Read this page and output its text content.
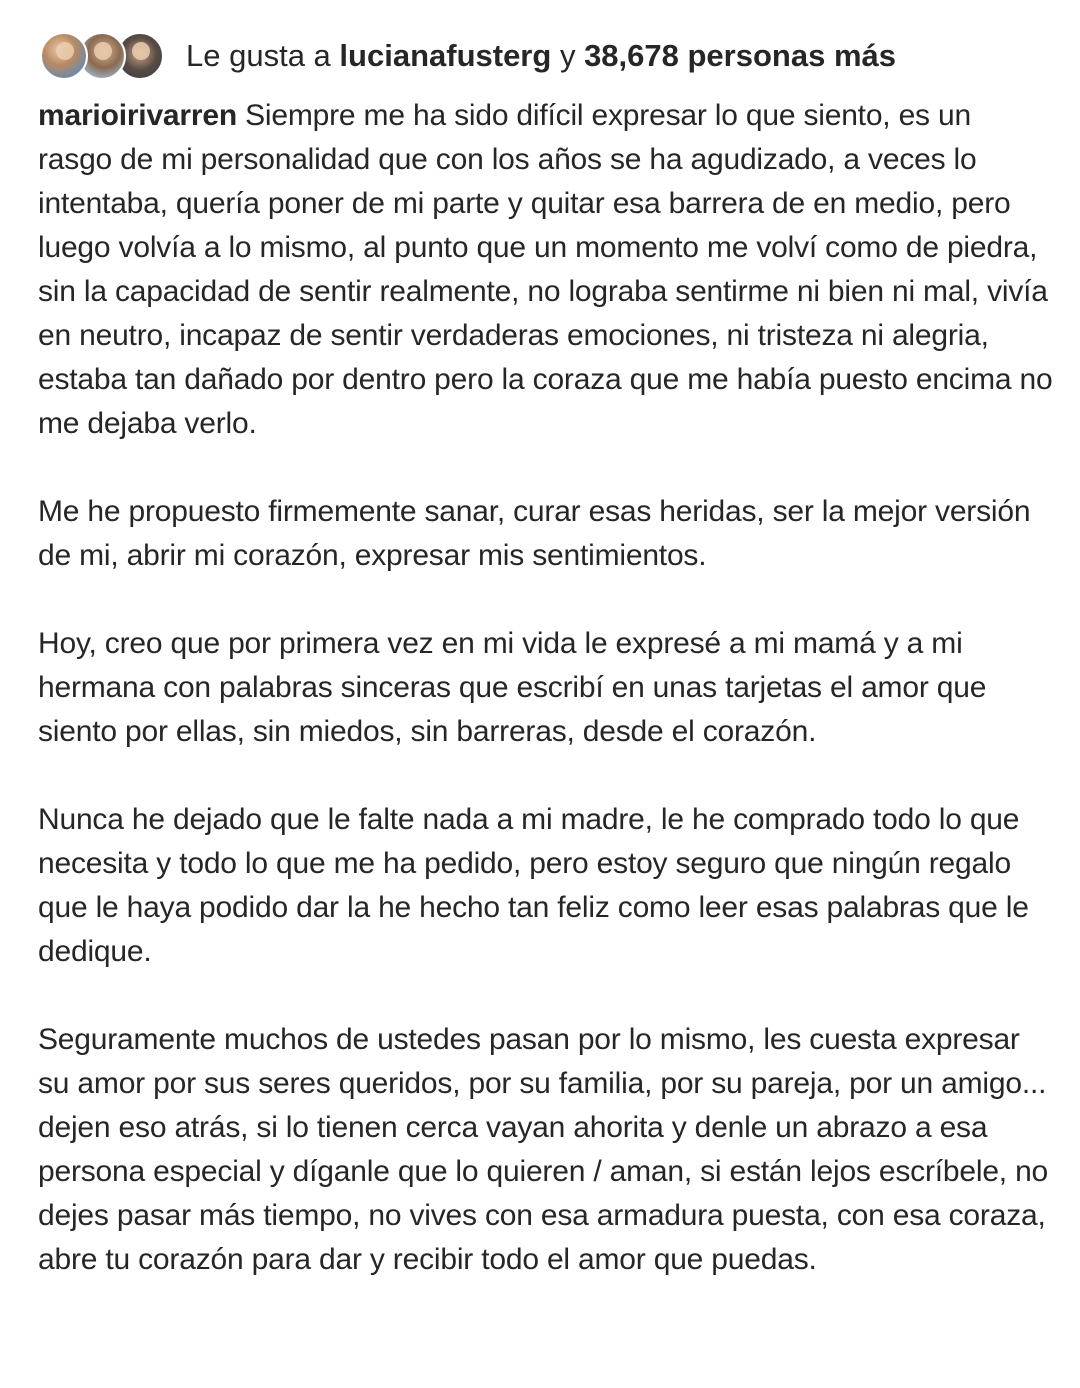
Le gusta a lucianafusterg y 38,678 personas más

marioirivarren Siempre me ha sido difícil expresar lo que siento, es un rasgo de mi personalidad que con los años se ha agudizado, a veces lo intentaba, quería poner de mi parte y quitar esa barrera de en medio, pero luego volvía a lo mismo, al punto que un momento me volví como de piedra, sin la capacidad de sentir realmente, no lograba sentirme ni bien ni mal, vivía en neutro, incapaz de sentir verdaderas emociones, ni tristeza ni alegria, estaba tan dañado por dentro pero la coraza que me había puesto encima no me dejaba verlo.

Me he propuesto firmemente sanar, curar esas heridas, ser la mejor versión de mi, abrir mi corazón, expresar mis sentimientos.

Hoy, creo que por primera vez en mi vida le expresé a mi mamá y a mi hermana con palabras sinceras que escribí en unas tarjetas el amor que siento por ellas, sin miedos, sin barreras, desde el corazón.

Nunca he dejado que le falte nada a mi madre, le he comprado todo lo que necesita y todo lo que me ha pedido, pero estoy seguro que ningún regalo que le haya podido dar la he hecho tan feliz como leer esas palabras que le dedique.

Seguramente muchos de ustedes pasan por lo mismo, les cuesta expresar su amor por sus seres queridos, por su familia, por su pareja, por un amigo... dejen eso atrás, si lo tienen cerca vayan ahorita y denle un abrazo a esa persona especial y díganle que lo quieren / aman, si están lejos escríbele, no dejes pasar más tiempo, no vives con esa armadura puesta, con esa coraza, abre tu corazón para dar y recibir todo el amor que puedas.
